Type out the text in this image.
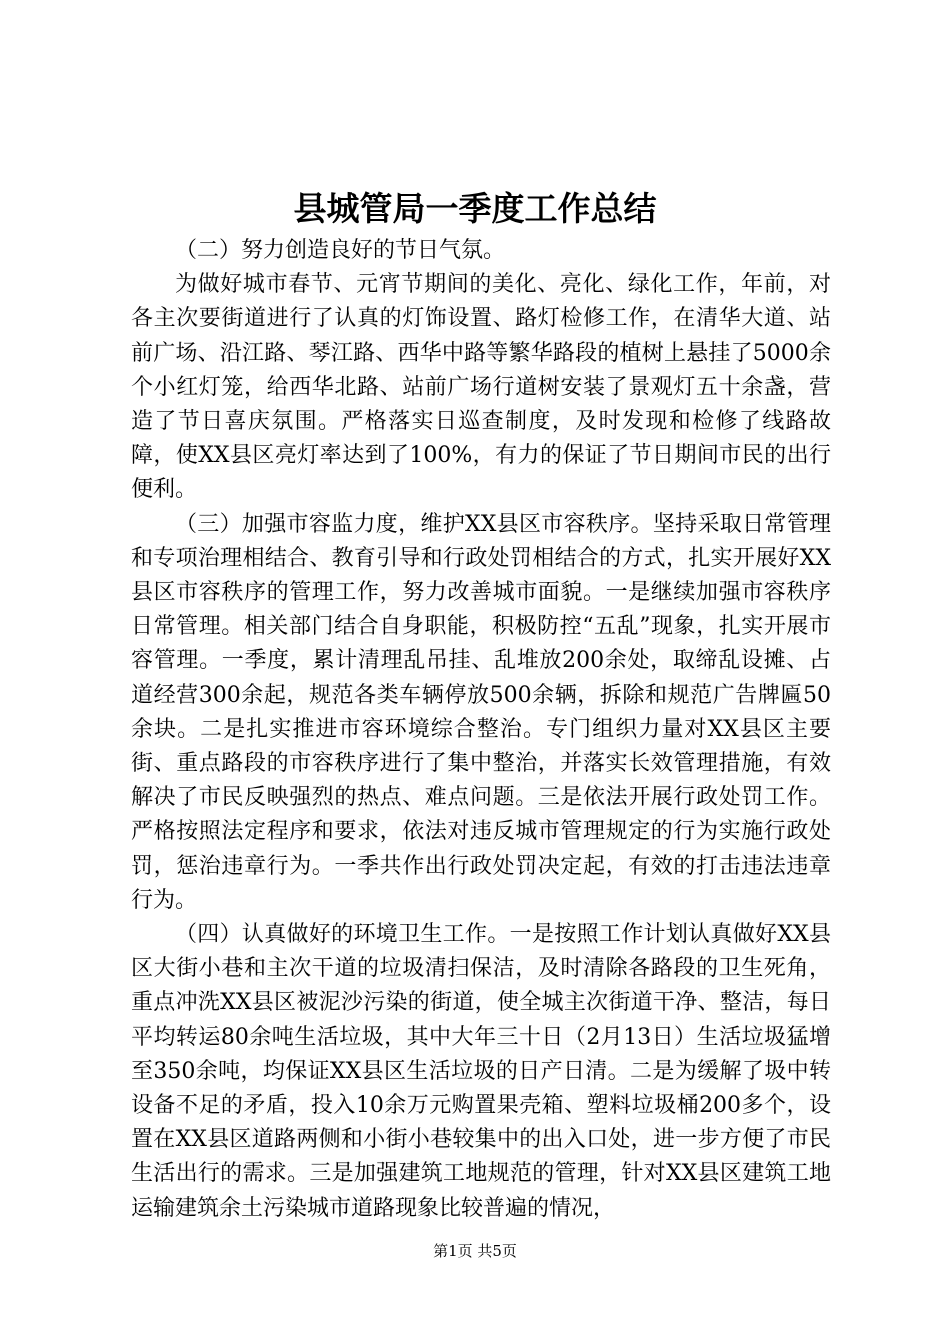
县城管局一季度工作总结

（二）努力创造良好的节日气氛。

为做好城市春节、元宵节期间的美化、亮化、绿化工作，年前，对各主次要街道进行了认真的灯饰设置、路灯检修工作，在清华大道、站前广场、沿江路、琴江路、西华中路等繁华路段的植树上悬挂了5000余个小红灯笼，给西华北路、站前广场行道树安装了景观灯五十余盏，营造了节日喜庆氛围。严格落实日巡查制度，及时发现和检修了线路故障，使XX县区亮灯率达到了100%，有力的保证了节日期间市民的出行便利。

（三）加强市容监力度，维护XX县区市容秩序。坚持采取日常管理和专项治理相结合、教育引导和行政处罚相结合的方式，扎实开展好XX县区市容秩序的管理工作，努力改善城市面貌。一是继续加强市容秩序日常管理。相关部门结合自身职能，积极防控“五乱”现象，扎实开展市容管理。一季度，累计清理乱吊挂、乱堆放200余处，取缔乱设摊、占道经营300余起，规范各类车辆停放500余辆，拆除和规范广告牌匾50余块。二是扎实推进市容环境综合整治。专门组织力量对XX县区主要街、重点路段的市容秩序进行了集中整治，并落实长效管理措施，有效解决了市民反映强烈的热点、难点问题。三是依法开展行政处罚工作。严格按照法定程序和要求，依法对违反城市管理规定的行为实施行政处罚，惩治违章行为。一季共作出行政处罚决定起，有效的打击违法违章行为。

（四）认真做好的环境卫生工作。一是按照工作计划认真做好XX县区大街小巷和主次干道的垃圾清扫保洁，及时清除各路段的卫生死角，重点冲洗XX县区被泥沙污染的街道，使全城主次街道干净、整洁，每日平均转运80余吨生活垃圾，其中大年三十日（2月13日）生活垃圾猛增至350余吨，均保证XX县区生活垃圾的日产日清。二是为缓解了圾中转设备不足的矛盾，投入10余万元购置果壳箱、塑料垃圾桶200多个，设置在XX县区道路两侧和小街小巷较集中的出入口处，进一步方便了市民生活出行的需求。三是加强建筑工地规范的管理，针对XX县区建筑工地运输建筑余土污染城市道路现象比较普遍的情况，

第1页 共5页
